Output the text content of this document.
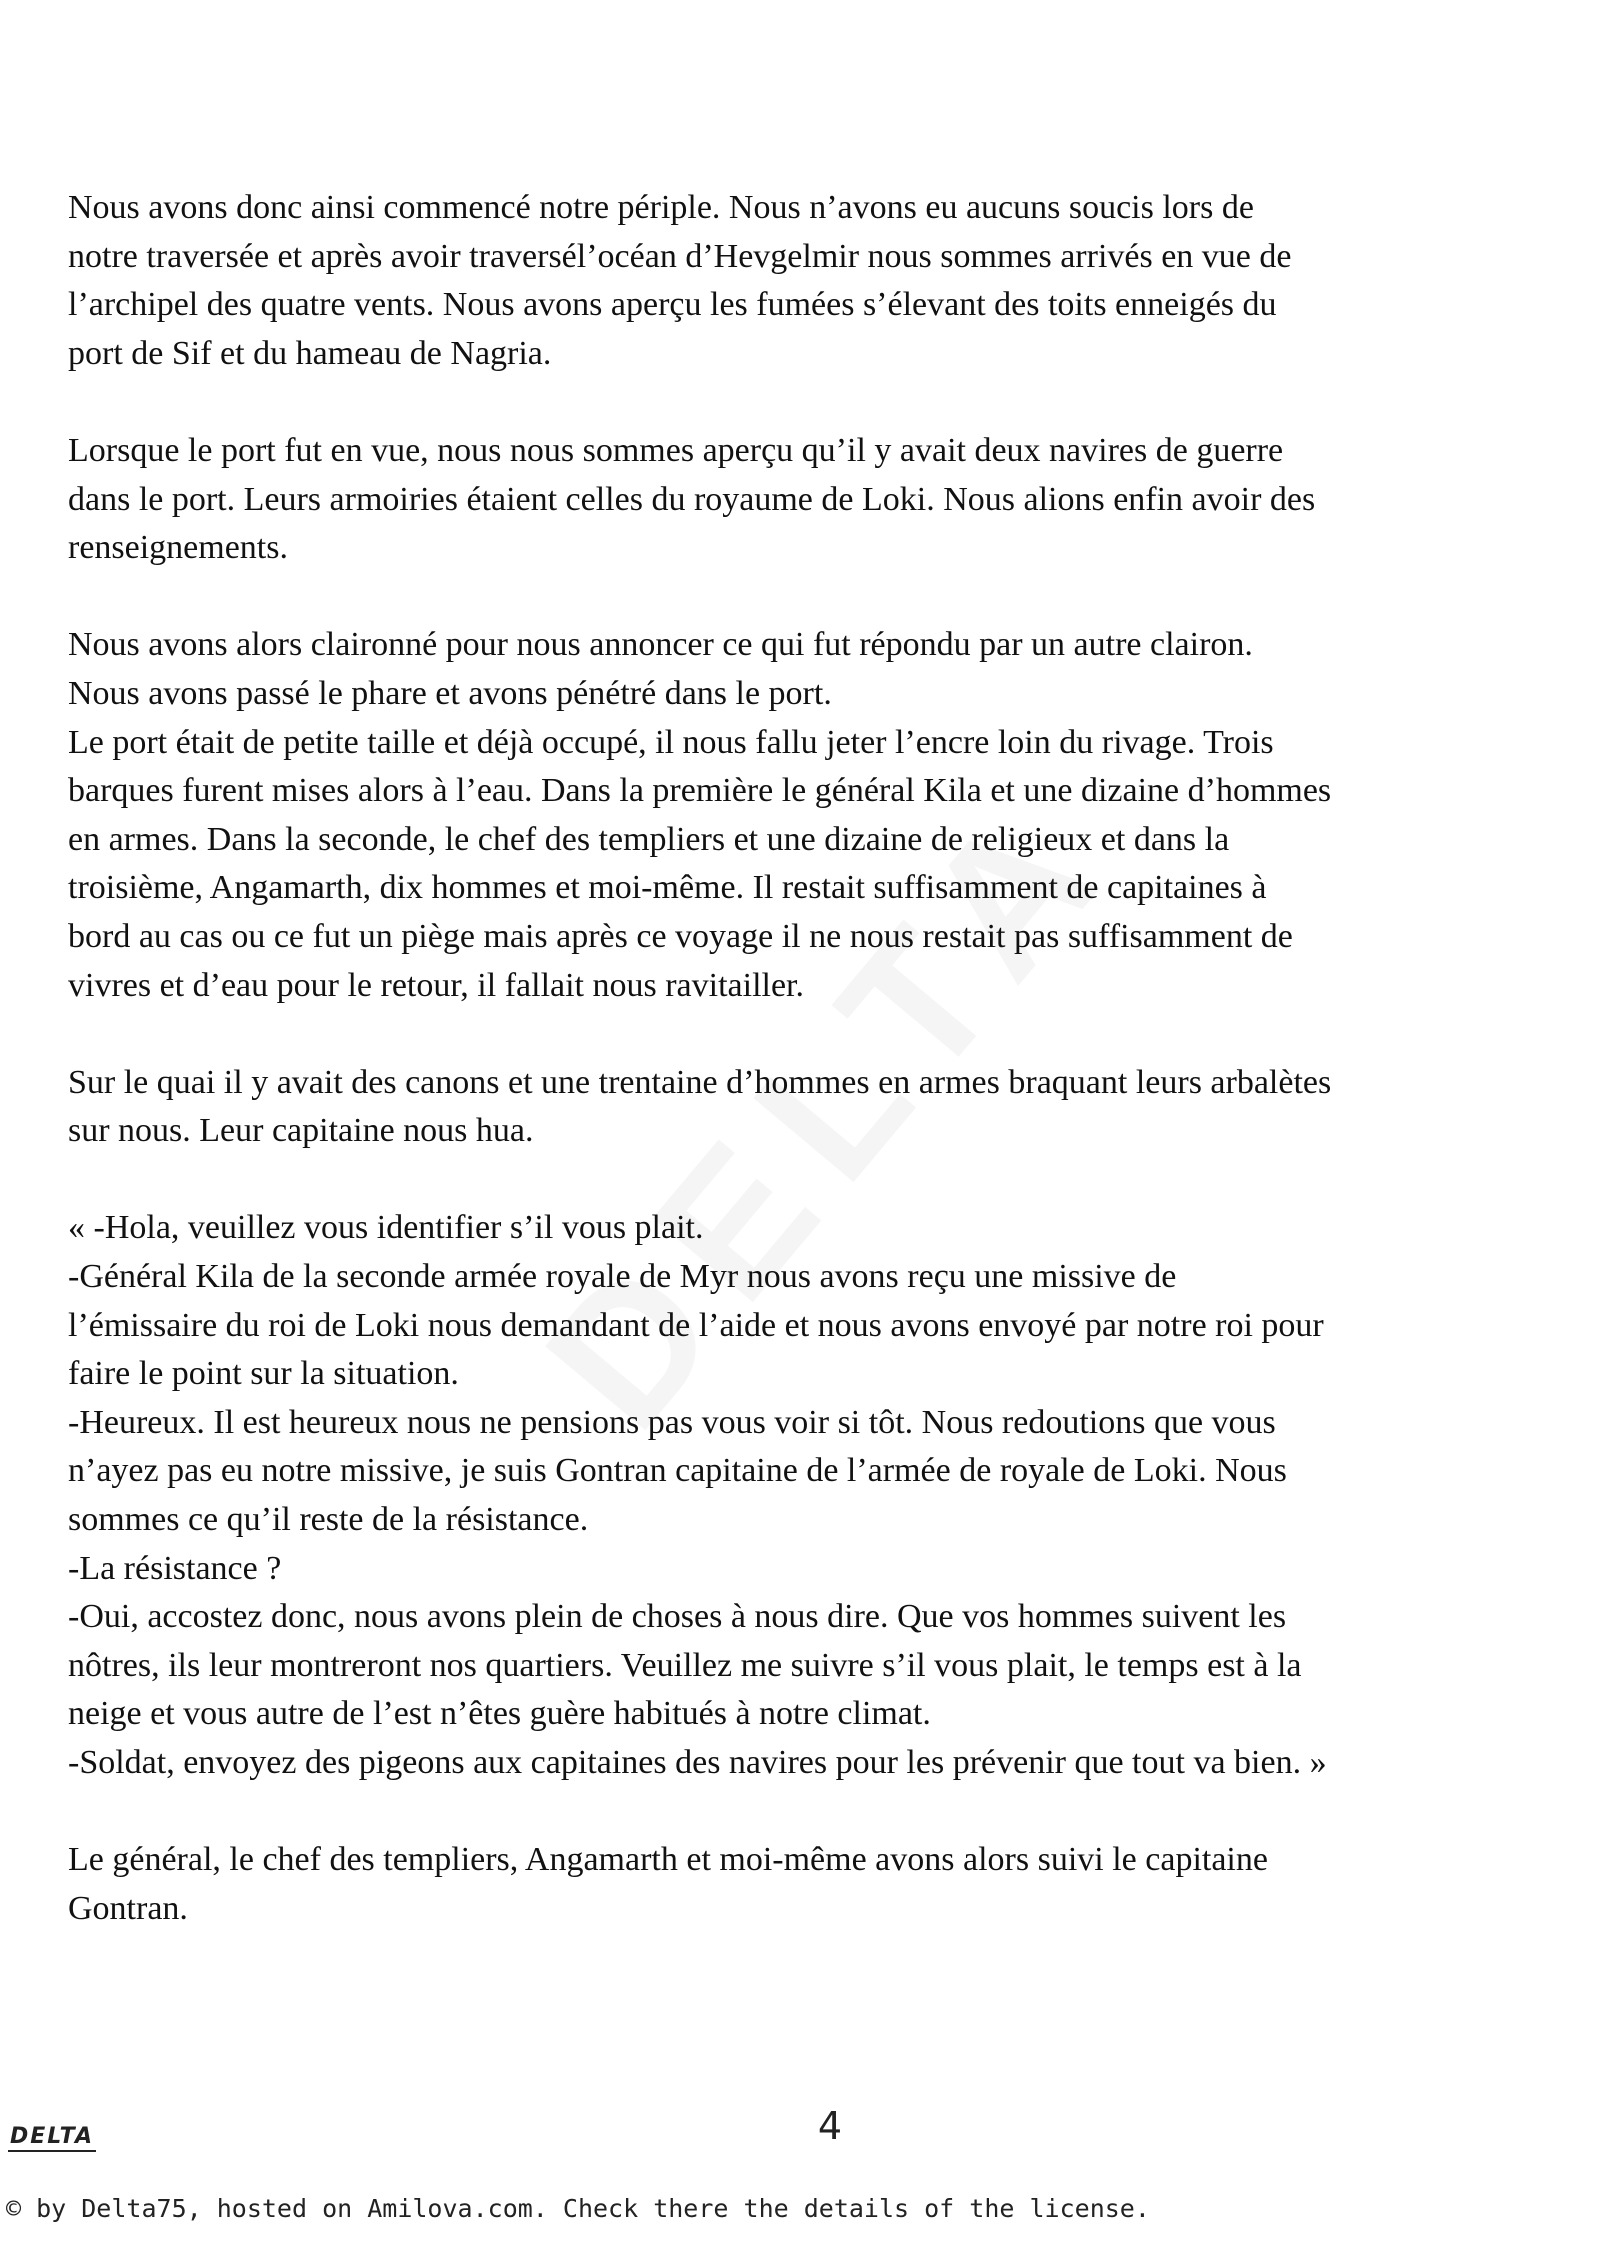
Nous avons donc ainsi commencé notre périple. Nous n’avons eu aucuns soucis lors de
notre traversée et après avoir traversél’océan d’Hevgelmir nous sommes arrivés en vue de
l’archipel des quatre vents. Nous avons aperçu les fumées s’élevant des toits enneigés du
port de Sif et du hameau de Nagria.
Lorsque le port fut en vue, nous nous sommes aperçu qu’il y avait deux navires de guerre
dans le port. Leurs armoiries étaient celles du royaume de Loki. Nous alions enfin avoir des
renseignements.
Nous avons alors claironné pour nous annoncer ce qui fut répondu par un autre clairon.
Nous avons passé le phare et avons pénétré dans le port.
Le port était de petite taille et déjà occupé, il nous fallu jeter l’encre loin du rivage. Trois
barques furent mises alors à l’eau. Dans la première le général Kila et une dizaine d’hommes
en armes. Dans la seconde, le chef des templiers et une dizaine de religieux et dans la
troisième, Angamarth, dix hommes et moi-même. Il restait suffisamment de capitaines à
bord au cas ou ce fut un piège mais après ce voyage il ne nous restait pas suffisamment de
vivres et d’eau pour le retour, il fallait nous ravitailler.
Sur le quai il y avait des canons et une trentaine d’hommes en armes braquant leurs arbalètes
sur nous. Leur capitaine nous hua.
« -Hola, veuillez vous identifier s’il vous plait.
-Général Kila de la seconde armée royale de Myr nous avons reçu une missive de
l’émissaire du roi de Loki nous demandant de l’aide et nous avons envoyé par notre roi pour
faire le point sur la situation.
-Heureux. Il est heureux nous ne pensions pas vous voir si tôt. Nous redoutions que vous
n’ayez pas eu notre missive, je suis Gontran capitaine de l’armée de royale de Loki. Nous
sommes ce qu’il reste de la résistance.
-La résistance ?
-Oui, accostez donc, nous avons plein de choses à nous dire. Que vos hommes suivent les
nôtres, ils leur montreront nos quartiers. Veuillez me suivre s’il vous plait, le temps est à la
neige et vous autre de l’est n’êtes guère habitués à notre climat.
-Soldat, envoyez des pigeons aux capitaines des navires pour les prévenir que tout va bien. »
Le général, le chef des templiers, Angamarth et moi-même avons alors suivi le capitaine
Gontran.
DELTA	4
© by Delta75, hosted on Amilova.com. Check there the details of the license.
